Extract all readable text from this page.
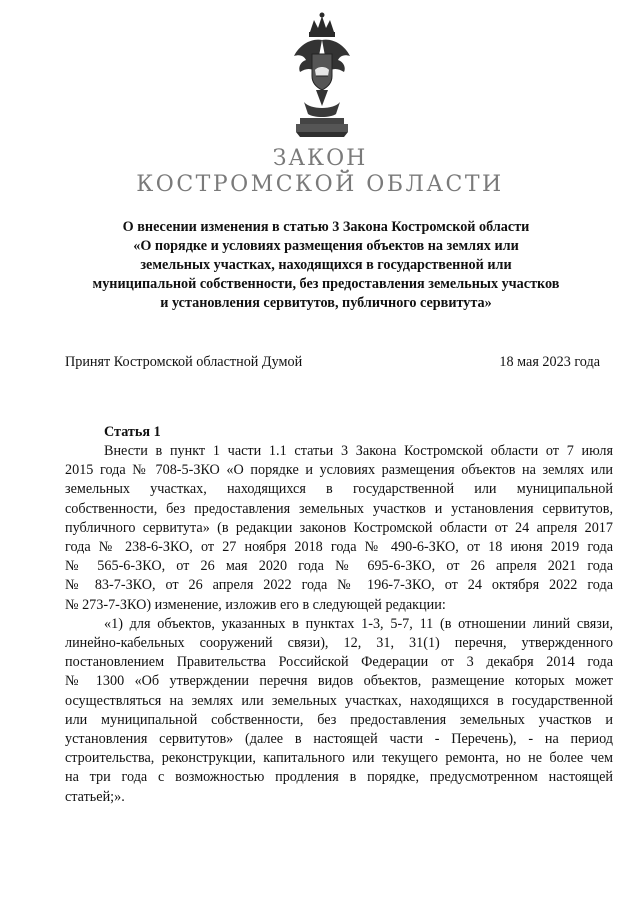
ЗАКОН
КОСТРОМСКОЙ ОБЛАСТИ
О внесении изменения в статью 3 Закона Костромской области
«О порядке и условиях размещения объектов на землях или
земельных участках, находящихся в государственной или
муниципальной собственности, без предоставления земельных участков
и установления сервитутов, публичного сервитута»
Принят Костромской областной Думой	18 мая 2023 года
Статья 1
Внести в пункт 1 части 1.1 статьи 3 Закона Костромской области от 7 июля
2015 года № 708-5-ЗКО «О порядке и условиях размещения объектов на землях или
земельных участках, находящихся в государственной или муниципальной
собственности, без предоставления земельных участков и установления сервитутов,
публичного сервитута» (в редакции законов Костромской области от 24 апреля 2017
года № 238-6-ЗКО, от 27 ноября 2018 года № 490-6-ЗКО, от 18 июня 2019 года
№ 565-6-ЗКО, от 26 мая 2020 года № 695-6-ЗКО, от 26 апреля 2021 года
№ 83-7-ЗКО, от 26 апреля 2022 года № 196-7-ЗКО, от 24 октября 2022 года
№ 273-7-ЗКО) изменение, изложив его в следующей редакции:
«1) для объектов, указанных в пунктах 1-3, 5-7, 11 (в отношении линий связи,
линейно-кабельных сооружений связи), 12, 31, 31(1) перечня, утвержденного
постановлением Правительства Российской Федерации от 3 декабря 2014 года
№ 1300 «Об утверждении перечня видов объектов, размещение которых может
осуществляться на землях или земельных участках, находящихся в государственной
или муниципальной собственности, без предоставления земельных участков и
установления сервитутов» (далее в настоящей части - Перечень), - на период
строительства, реконструкции, капитального или текущего ремонта, но не более чем
на три года с возможностью продления в порядке, предусмотренном настоящей
статьей;».
